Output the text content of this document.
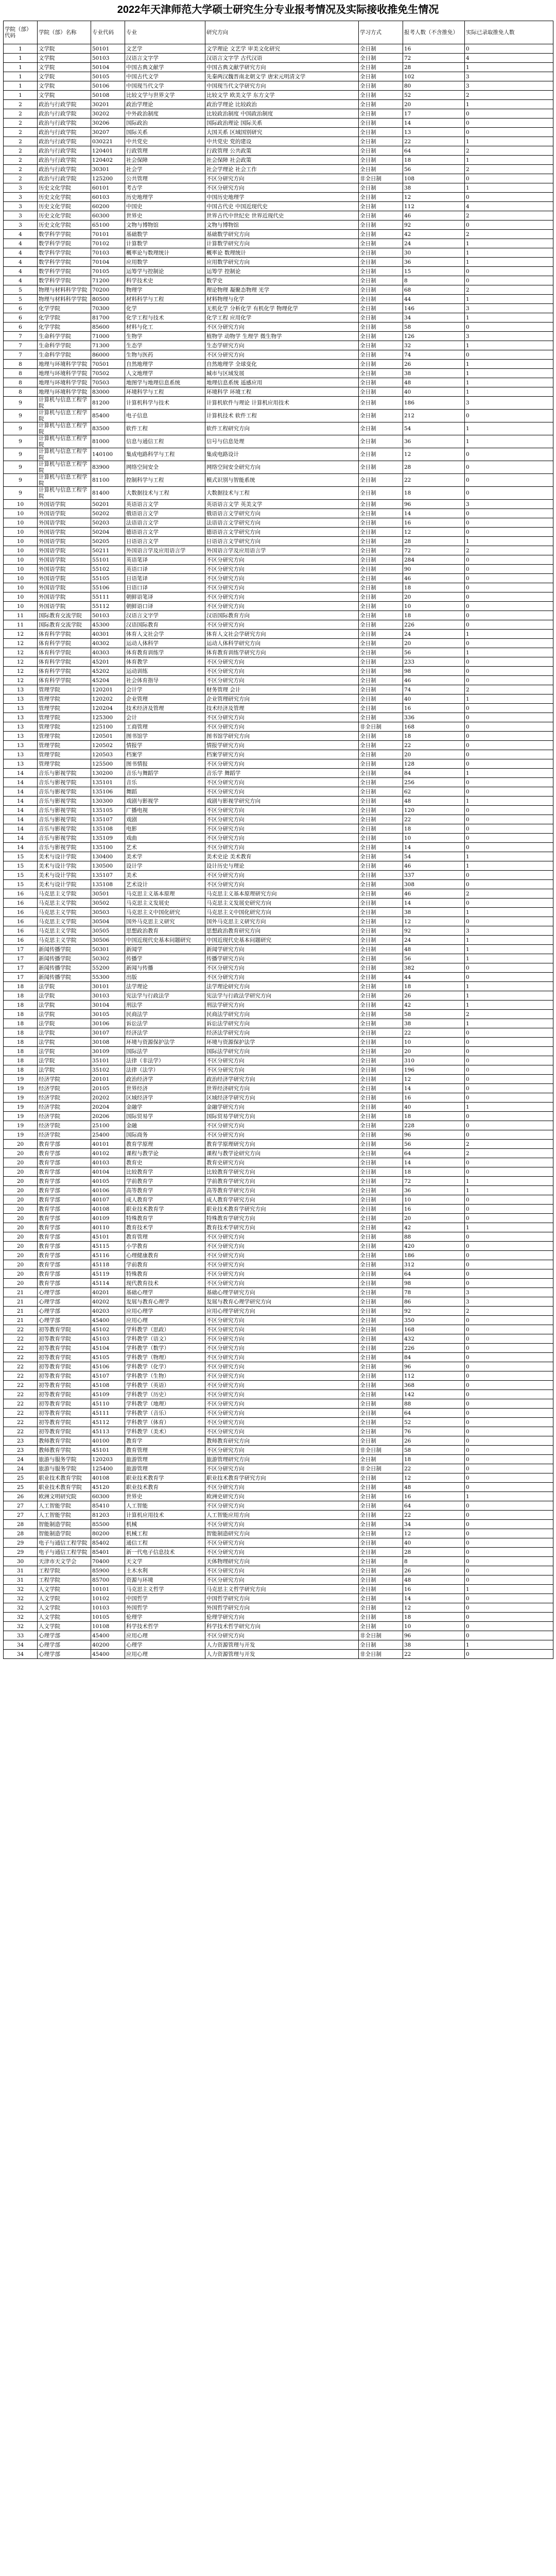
2022年天津师范大学硕士研究生分专业报考情况及实际接收推免生情况
学院（部）代码	学院（部）名称	专业代码	专业	研究方向	学习方式	报考人数（不含推免）	实际已录取推免人数
1	文学院	50101	文艺学	文学理论 文艺学 审美文化研究	全日制	16	0
1	文学院	50103	汉语言文字学	汉语言文字学 古代汉语	全日制	72	4
1	文学院	50104	中国古典文献学	中国古典文献学研究方向	全日制	28	1
1	文学院	50105	中国古代文学	先秦两汉魏晋南北朝文学 唐宋元明清文学	全日制	102	3
1	文学院	50106	中国现当代文学	中国现当代文学研究方向	全日制	80	3
1	文学院	50108	比较文学与世界文学	比较文学 欧美文学 东方文学	全日制	52	2
2	政治与行政学院	30201	政治学理论	政治学理论 比较政治	全日制	20	1
2	政治与行政学院	30202	中外政治制度	比较政治制度 中国政治制度	全日制	17	0
2	政治与行政学院	30206	国际政治	国际政治理论 国际关系	全日制	14	0
2	政治与行政学院	30207	国际关系	大国关系 区域国别研究	全日制	13	0
2	政治与行政学院	030221	中共党史	中共党史 党的建设	全日制	22	1
2	政治与行政学院	120401	行政管理	行政管理 公共政策	全日制	64	2
2	政治与行政学院	120402	社会保障	社会保障 社会政策	全日制	18	1
2	政治与行政学院	30301	社会学	社会学理论 社会工作	全日制	56	2
2	政治与行政学院	125200	公共管理	不区分研究方向	非全日制	108	0
3	历史文化学院	60101	考古学	不区分研究方向	全日制	38	1
3	历史文化学院	60103	历史地理学	中国历史地理学	全日制	12	0
3	历史文化学院	60200	中国史	中国古代史 中国近现代史	全日制	112	4
3	历史文化学院	60300	世界史	世界古代中世纪史 世界近现代史	全日制	46	2
3	历史文化学院	65100	文物与博物馆	文物与博物馆	全日制	92	0
4	数学科学学院	70101	基础数学	基础数学研究方向	全日制	42	2
4	数学科学学院	70102	计算数学	计算数学研究方向	全日制	24	1
4	数学科学学院	70103	概率论与数理统计	概率论 数理统计	全日制	30	1
4	数学科学学院	70104	应用数学	应用数学研究方向	全日制	36	1
4	数学科学学院	70105	运筹学与控制论	运筹学 控制论	全日制	15	0
4	数学科学学院	71200	科学技术史	数学史	全日制	8	0
5	物理与材料科学学院	70200	物理学	理论物理 凝聚态物理 光学	全日制	68	2
5	物理与材料科学学院	80500	材料科学与工程	材料物理与化学	全日制	44	1
6	化学学院	70300	化学	无机化学 分析化学 有机化学 物理化学	全日制	146	3
6	化学学院	81700	化学工程与技术	化学工程 应用化学	全日制	34	1
6	化学学院	85600	材料与化工	不区分研究方向	全日制	58	0
7	生命科学学院	71000	生物学	植物学 动物学 生理学 微生物学	全日制	126	3
7	生命科学学院	71300	生态学	生态学研究方向	全日制	32	1
7	生命科学学院	86000	生物与医药	不区分研究方向	全日制	74	0
8	地理与环境科学学院	70501	自然地理学	自然地理学 全球变化	全日制	26	1
8	地理与环境科学学院	70502	人文地理学	城市与区域发展	全日制	38	1
8	地理与环境科学学院	70503	地图学与地理信息系统	地理信息系统 遥感应用	全日制	48	1
8	地理与环境科学学院	83000	环境科学与工程	环境科学 环境工程	全日制	40	1
9	计算机与信息工程学院	81200	计算机科学与技术	计算机软件与理论 计算机应用技术	全日制	186	3
9	计算机与信息工程学院	85400	电子信息	计算机技术 软件工程	全日制	212	0
9	计算机与信息工程学院	83500	软件工程	软件工程研究方向	全日制	54	1
9	计算机与信息工程学院	81000	信息与通信工程	信号与信息处理	全日制	36	1
9	计算机与信息工程学院	140100	集成电路科学与工程	集成电路设计	全日制	12	0
9	计算机与信息工程学院	83900	网络空间安全	网络空间安全研究方向	全日制	28	0
9	计算机与信息工程学院	81100	控制科学与工程	模式识别与智能系统	全日制	22	0
9	计算机与信息工程学院	81400	大数据技术与工程	大数据技术与工程	全日制	18	0
10	外国语学院	50201	英语语言文学	英语语言文学 英美文学	全日制	96	3
10	外国语学院	50202	俄语语言文学	俄语语言文学研究方向	全日制	14	0
10	外国语学院	50203	法语语言文学	法语语言文学研究方向	全日制	16	0
10	外国语学院	50204	德语语言文学	德语语言文学研究方向	全日制	12	0
10	外国语学院	50205	日语语言文学	日语语言文学研究方向	全日制	28	1
10	外国语学院	50211	外国语言学及应用语言学	外国语言学及应用语言学	全日制	72	2
10	外国语学院	55101	英语笔译	不区分研究方向	全日制	284	0
10	外国语学院	55102	英语口译	不区分研究方向	全日制	90	0
10	外国语学院	55105	日语笔译	不区分研究方向	全日制	46	0
10	外国语学院	55106	日语口译	不区分研究方向	全日制	18	0
10	外国语学院	55111	朝鲜语笔译	不区分研究方向	全日制	20	0
10	外国语学院	55112	朝鲜语口译	不区分研究方向	全日制	10	0
11	国际教育交流学院	50103	汉语言文字学	汉语国际教育方向	全日制	18	0
11	国际教育交流学院	45300	汉语国际教育	不区分研究方向	全日制	226	0
12	体育科学学院	40301	体育人文社会学	体育人文社会学研究方向	全日制	24	1
12	体育科学学院	40302	运动人体科学	运动人体科学研究方向	全日制	20	0
12	体育科学学院	40303	体育教育训练学	体育教育训练学研究方向	全日制	56	1
12	体育科学学院	45201	体育教学	不区分研究方向	全日制	233	0
12	体育科学学院	45202	运动训练	不区分研究方向	全日制	98	0
12	体育科学学院	45204	社会体育指导	不区分研究方向	全日制	46	0
13	管理学院	120201	会计学	财务管理 会计	全日制	74	2
13	管理学院	120202	企业管理	企业管理研究方向	全日制	40	1
13	管理学院	120204	技术经济及管理	技术经济及管理	全日制	16	0
13	管理学院	125300	会计	不区分研究方向	全日制	336	0
13	管理学院	125100	工商管理	不区分研究方向	非全日制	168	0
13	管理学院	120501	图书馆学	图书馆学研究方向	全日制	18	0
13	管理学院	120502	情报学	情报学研究方向	全日制	22	0
13	管理学院	120503	档案学	档案学研究方向	全日制	20	0
13	管理学院	125500	图书情报	不区分研究方向	全日制	128	0
14	音乐与影视学院	130200	音乐与舞蹈学	音乐学 舞蹈学	全日制	84	1
14	音乐与影视学院	135101	音乐	不区分研究方向	全日制	256	0
14	音乐与影视学院	135106	舞蹈	不区分研究方向	全日制	62	0
14	音乐与影视学院	130300	戏剧与影视学	戏剧与影视学研究方向	全日制	48	1
14	音乐与影视学院	135105	广播电视	不区分研究方向	全日制	120	0
14	音乐与影视学院	135107	戏剧	不区分研究方向	全日制	22	0
14	音乐与影视学院	135108	电影	不区分研究方向	全日制	18	0
14	音乐与影视学院	135109	戏曲	不区分研究方向	全日制	10	0
14	音乐与影视学院	135100	艺术	不区分研究方向	全日制	14	0
15	美术与设计学院	130400	美术学	美术史论 美术教育	全日制	54	1
15	美术与设计学院	130500	设计学	设计历史与理论	全日制	46	1
15	美术与设计学院	135107	美术	不区分研究方向	全日制	337	0
15	美术与设计学院	135108	艺术设计	不区分研究方向	全日制	308	0
16	马克思主义学院	30501	马克思主义基本原理	马克思主义基本原理研究方向	全日制	46	2
16	马克思主义学院	30502	马克思主义发展史	马克思主义发展史研究方向	全日制	14	0
16	马克思主义学院	30503	马克思主义中国化研究	马克思主义中国化研究方向	全日制	38	1
16	马克思主义学院	30504	国外马克思主义研究	国外马克思主义研究方向	全日制	12	0
16	马克思主义学院	30505	思想政治教育	思想政治教育研究方向	全日制	92	3
16	马克思主义学院	30506	中国近现代史基本问题研究	中国近现代史基本问题研究	全日制	24	1
17	新闻传播学院	50301	新闻学	新闻学研究方向	全日制	48	1
17	新闻传播学院	50302	传播学	传播学研究方向	全日制	56	1
17	新闻传播学院	55200	新闻与传播	不区分研究方向	全日制	382	0
17	新闻传播学院	55300	出版	不区分研究方向	全日制	44	0
18	法学院	30101	法学理论	法学理论研究方向	全日制	18	1
18	法学院	30103	宪法学与行政法学	宪法学与行政法学研究方向	全日制	26	1
18	法学院	30104	刑法学	刑法学研究方向	全日制	42	1
18	法学院	30105	民商法学	民商法学研究方向	全日制	58	2
18	法学院	30106	诉讼法学	诉讼法学研究方向	全日制	38	1
18	法学院	30107	经济法学	经济法学研究方向	全日制	22	0
18	法学院	30108	环境与资源保护法学	环境与资源保护法学	全日制	10	0
18	法学院	30109	国际法学	国际法学研究方向	全日制	20	0
18	法学院	35101	法律（非法学）	不区分研究方向	全日制	310	0
18	法学院	35102	法律（法学）	不区分研究方向	全日制	196	0
19	经济学院	20101	政治经济学	政治经济学研究方向	全日制	12	0
19	经济学院	20105	世界经济	世界经济研究方向	全日制	14	0
19	经济学院	20202	区域经济学	区域经济学研究方向	全日制	16	0
19	经济学院	20204	金融学	金融学研究方向	全日制	40	1
19	经济学院	20206	国际贸易学	国际贸易学研究方向	全日制	18	0
19	经济学院	25100	金融	不区分研究方向	全日制	228	0
19	经济学院	25400	国际商务	不区分研究方向	全日制	96	0
20	教育学部	40101	教育学原理	教育学原理研究方向	全日制	56	2
20	教育学部	40102	课程与教学论	课程与教学论研究方向	全日制	64	2
20	教育学部	40103	教育史	教育史研究方向	全日制	14	0
20	教育学部	40104	比较教育学	比较教育学研究方向	全日制	18	0
20	教育学部	40105	学前教育学	学前教育学研究方向	全日制	72	1
20	教育学部	40106	高等教育学	高等教育学研究方向	全日制	36	1
20	教育学部	40107	成人教育学	成人教育学研究方向	全日制	10	0
20	教育学部	40108	职业技术教育学	职业技术教育学研究方向	全日制	16	0
20	教育学部	40109	特殊教育学	特殊教育学研究方向	全日制	20	0
20	教育学部	40110	教育技术学	教育技术学研究方向	全日制	42	1
20	教育学部	45101	教育管理	不区分研究方向	全日制	88	0
20	教育学部	45115	小学教育	不区分研究方向	全日制	420	0
20	教育学部	45116	心理健康教育	不区分研究方向	全日制	186	0
20	教育学部	45118	学前教育	不区分研究方向	全日制	312	0
20	教育学部	45119	特殊教育	不区分研究方向	全日制	64	0
20	教育学部	45114	现代教育技术	不区分研究方向	全日制	98	0
21	心理学部	40201	基础心理学	基础心理学研究方向	全日制	78	3
21	心理学部	40202	发展与教育心理学	发展与教育心理学研究方向	全日制	86	3
21	心理学部	40203	应用心理学	应用心理学研究方向	全日制	92	2
21	心理学部	45400	应用心理	不区分研究方向	全日制	350	0
22	初等教育学院	45102	学科教学（思政）	不区分研究方向	全日制	168	0
22	初等教育学院	45103	学科教学（语文）	不区分研究方向	全日制	432	0
22	初等教育学院	45104	学科教学（数学）	不区分研究方向	全日制	226	0
22	初等教育学院	45105	学科教学（物理）	不区分研究方向	全日制	84	0
22	初等教育学院	45106	学科教学（化学）	不区分研究方向	全日制	96	0
22	初等教育学院	45107	学科教学（生物）	不区分研究方向	全日制	112	0
22	初等教育学院	45108	学科教学（英语）	不区分研究方向	全日制	368	0
22	初等教育学院	45109	学科教学（历史）	不区分研究方向	全日制	142	0
22	初等教育学院	45110	学科教学（地理）	不区分研究方向	全日制	88	0
22	初等教育学院	45111	学科教学（音乐）	不区分研究方向	全日制	64	0
22	初等教育学院	45112	学科教学（体育）	不区分研究方向	全日制	52	0
22	初等教育学院	45113	学科教学（美术）	不区分研究方向	全日制	76	0
23	教师教育学院	40100	教育学	教师教育研究方向	全日制	26	0
23	教师教育学院	45101	教育管理	不区分研究方向	非全日制	58	0
24	旅游与服务学院	120203	旅游管理	旅游管理研究方向	全日制	18	0
24	旅游与服务学院	125400	旅游管理	不区分研究方向	非全日制	22	0
25	职业技术教育学院	40108	职业技术教育学	职业技术教育学研究方向	全日制	12	0
25	职业技术教育学院	45120	职业技术教育	不区分研究方向	全日制	48	0
26	欧洲文明研究院	60300	世界史	欧洲史研究方向	全日制	16	1
27	人工智能学院	85410	人工智能	不区分研究方向	全日制	64	0
27	人工智能学院	81203	计算机应用技术	人工智能应用方向	全日制	22	0
28	智能制造学院	85500	机械	不区分研究方向	全日制	34	0
28	智能制造学院	80200	机械工程	智能制造研究方向	全日制	12	0
29	电子与通信工程学院	85402	通信工程	不区分研究方向	全日制	40	0
29	电子与通信工程学院	85401	新一代电子信息技术	不区分研究方向	全日制	28	0
30	天津市天文学会	70400	天文学	天体物理研究方向	全日制	8	0
31	工程学院	85900	土木水利	不区分研究方向	全日制	26	0
31	工程学院	85700	资源与环境	不区分研究方向	全日制	48	0
32	人文学院	10101	马克思主义哲学	马克思主义哲学研究方向	全日制	16	1
32	人文学院	10102	中国哲学	中国哲学研究方向	全日制	14	0
32	人文学院	10103	外国哲学	外国哲学研究方向	全日制	12	0
32	人文学院	10105	伦理学	伦理学研究方向	全日制	18	0
32	人文学院	10108	科学技术哲学	科学技术哲学研究方向	全日制	10	0
33	心理学部	45400	应用心理	不区分研究方向	非全日制	96	0
34	心理学部	40200	心理学	人力资源管理与开发	全日制	38	1
34	心理学部	45400	应用心理	人力资源管理与开发	非全日制	22	0
